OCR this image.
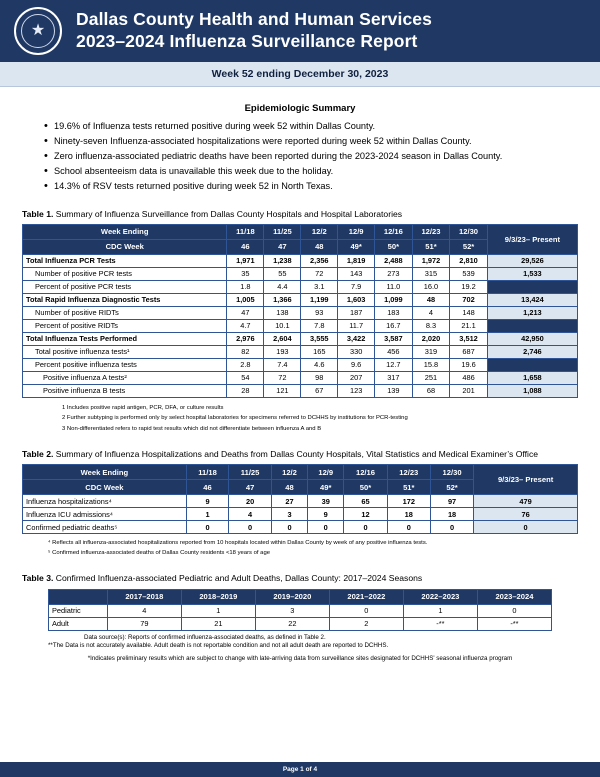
★
Dallas County Health and Human Services
2023–2024 Influenza Surveillance Report
Week 52 ending December 30, 2023
Epidemiologic Summary
• 19.6% of Influenza tests returned positive during week 52 within Dallas County.
• Ninety-seven Influenza-associated hospitalizations were reported during week 52 within Dallas County.
• Zero influenza-associated pediatric deaths have been reported during the 2023-2024 season in Dallas County.
• School absenteeism data is unavailable this week due to the holiday.
• 14.3% of RSV tests returned positive during week 52 in North Texas.
Table 1. Summary of Influenza Surveillance from Dallas County Hospitals and Hospital Laboratories
Week Ending	11/18	11/25	12/2	12/9	12/16	12/23	12/30	9/3/23– Present
CDC Week	46	47	48	49*	50*	51*	52*	
Total Influenza PCR Tests	1,971	1,238	2,356	1,819	2,488	1,972	2,810	29,526
Number of positive PCR tests	35	55	72	143	273	315	539	1,533
Percent of positive PCR tests	1.8	4.4	3.1	7.9	11.0	16.0	19.2	
Total Rapid Influenza Diagnostic Tests	1,005	1,366	1,199	1,603	1,099	48	702	13,424
Number of positive RIDTs	47	138	93	187	183	4	148	1,213
Percent of positive RIDTs	4.7	10.1	7.8	11.7	16.7	8.3	21.1	
Total Influenza Tests Performed	2,976	2,604	3,555	3,422	3,587	2,020	3,512	42,950
Total positive influenza tests¹	82	193	165	330	456	319	687	2,746
Percent positive influenza tests	2.8	7.4	4.6	9.6	12.7	15.8	19.6	
Positive influenza A tests²	54	72	98	207	317	251	486	1,658
Positive influenza B tests	28	121	67	123	139	68	201	1,088
1 Includes positive rapid antigen, PCR, DFA, or culture results
2 Further subtyping is performed only by select hospital laboratories for specimens referred to DCHHS by institutions for PCR-testing
3 Non-differentiated refers to rapid test results which did not differentiate between influenza A and B
Table 2. Summary of Influenza Hospitalizations and Deaths from Dallas County Hospitals, Vital Statistics and Medical Examiner’s Office
Week Ending	11/18	11/25	12/2	12/9	12/16	12/23	12/30	9/3/23– Present
CDC Week	46	47	48	49*	50*	51*	52*	
Influenza hospitalizations⁴	9	20	27	39	65	172	97	479
Influenza ICU admissions⁴	1	4	3	9	12	18	18	76
Confirmed pediatric deaths⁵	0	0	0	0	0	0	0	0
⁴ Reflects all influenza-associated hospitalizations reported from 10 hospitals located within Dallas County by week of any positive influenza tests.
⁵ Confirmed influenza-associated deaths of Dallas County residents <18 years of age
Table 3. Confirmed Influenza-associated Pediatric and Adult Deaths, Dallas County: 2017–2024 Seasons
	2017–2018	2018–2019	2019–2020	2021–2022	2022–2023	2023–2024
Pediatric	4	1	3	0	1	0
Adult	79	21	22	2	-**	-**
Data source(s): Reports of confirmed influenza-associated deaths, as defined in Table 2.
**The Data is not accurately available. Adult death is not reportable condition and not all adult death are reported to DCHHS.
*Indicates preliminary results which are subject to change with late-arriving data from surveillance sites designated for DCHHS' seasonal influenza program
Page 1 of 4
